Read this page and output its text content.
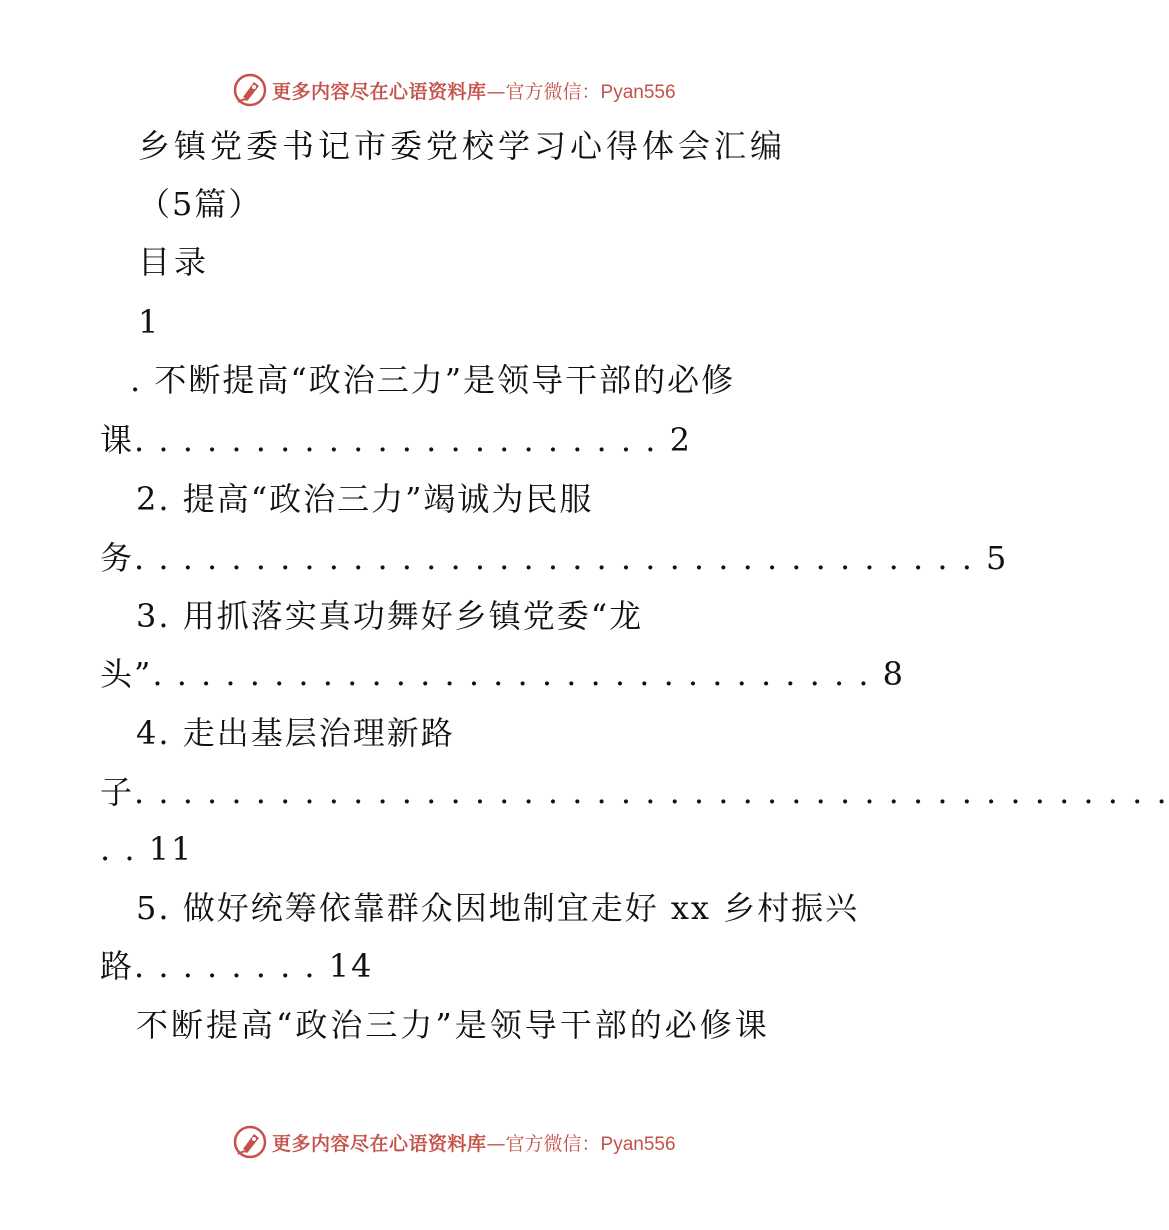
更多内容尽在心语资料库—官方微信：Pyan556
乡镇党委书记市委党校学习心得体会汇编
（5篇）
目录
1
. 不断提高“政治三力”是领导干部的必修
课. . . . . . . . . . . . . . . . . . . . . . 2
2. 提高“政治三力”竭诚为民服
务. . . . . . . . . . . . . . . . . . . . . . . . . . . . . . . . . . . 5
3. 用抓落实真功舞好乡镇党委“龙
头”. . . . . . . . . . . . . . . . . . . . . . . . . . . . . . 8
4. 走出基层治理新路
子. . . . . . . . . . . . . . . . . . . . . . . . . . . . . . . . . . . . . . . . . . .
. . 11
5. 做好统筹依靠群众因地制宜走好 xx 乡村振兴
路. . . . . . . . 14
不断提高“政治三力”是领导干部的必修课
更多内容尽在心语资料库—官方微信：Pyan556
